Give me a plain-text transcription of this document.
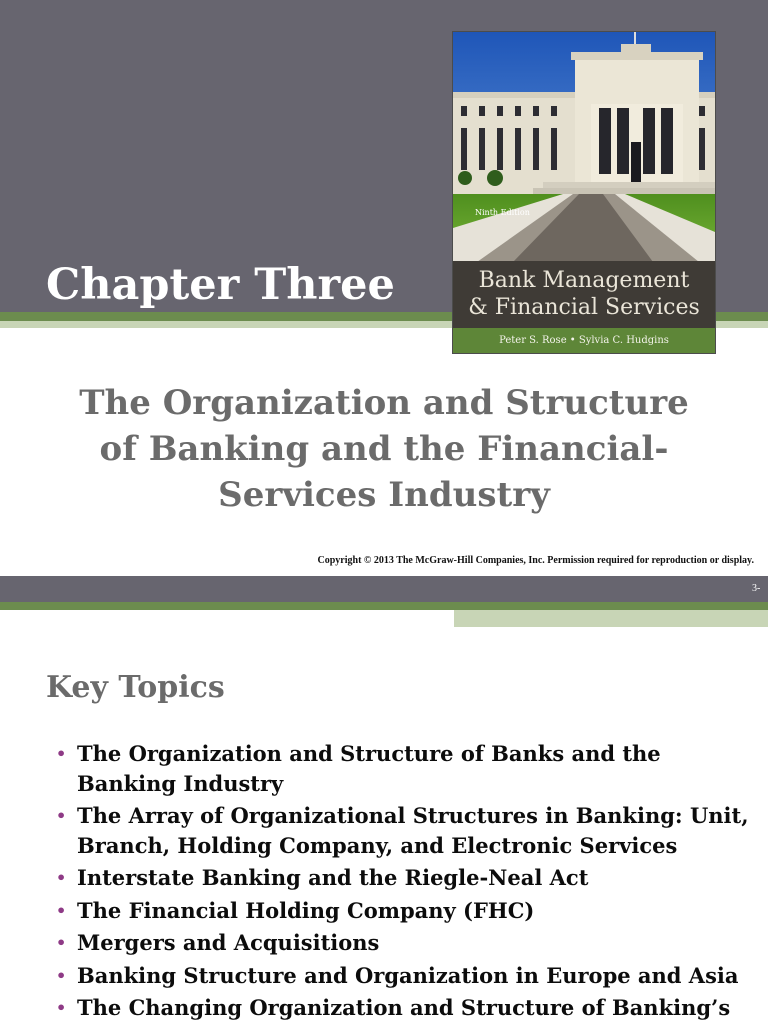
Chapter Three
Ninth Edition
Bank Management
& Financial Services
Peter S. Rose • Sylvia C. Hudgins
The Organization and Structure of Banking and the Financial-Services Industry
Copyright © 2013 The McGraw-Hill Companies, Inc. Permission required for reproduction or display.
3-
Key Topics
• The Organization and Structure of Banks and the Banking Industry
• The Array of Organizational Structures in Banking: Unit, Branch, Holding Company, and Electronic Services
• Interstate Banking and the Riegle-Neal Act
• The Financial Holding Company (FHC)
• Mergers and Acquisitions
• Banking Structure and Organization in Europe and Asia
• The Changing Organization and Structure of Banking’s
